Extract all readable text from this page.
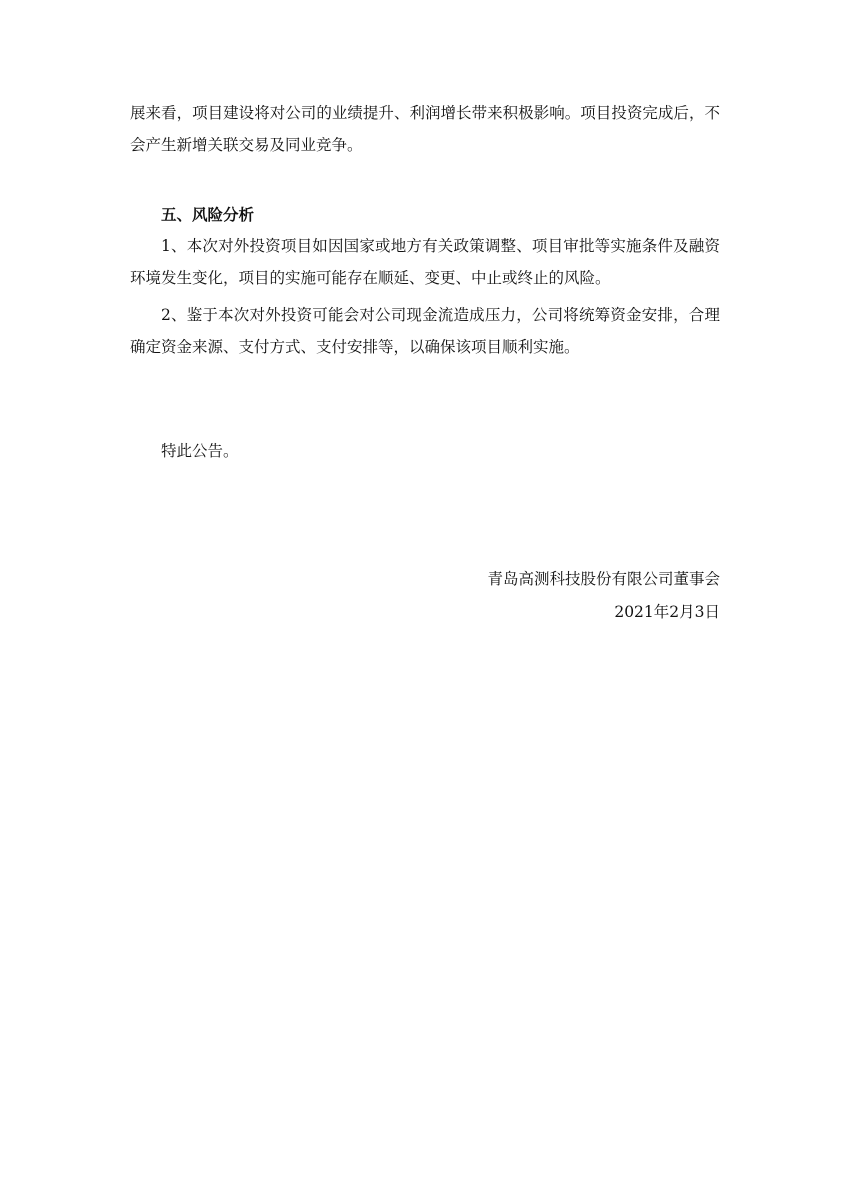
展来看，项目建设将对公司的业绩提升、利润增长带来积极影响。项目投资完成后，不会产生新增关联交易及同业竞争。

五、风险分析

1、本次对外投资项目如因国家或地方有关政策调整、项目审批等实施条件及融资环境发生变化，项目的实施可能存在顺延、变更、中止或终止的风险。

2、鉴于本次对外投资可能会对公司现金流造成压力，公司将统筹资金安排，合理确定资金来源、支付方式、支付安排等，以确保该项目顺利实施。

特此公告。

青岛高测科技股份有限公司董事会

2021年2月3日
